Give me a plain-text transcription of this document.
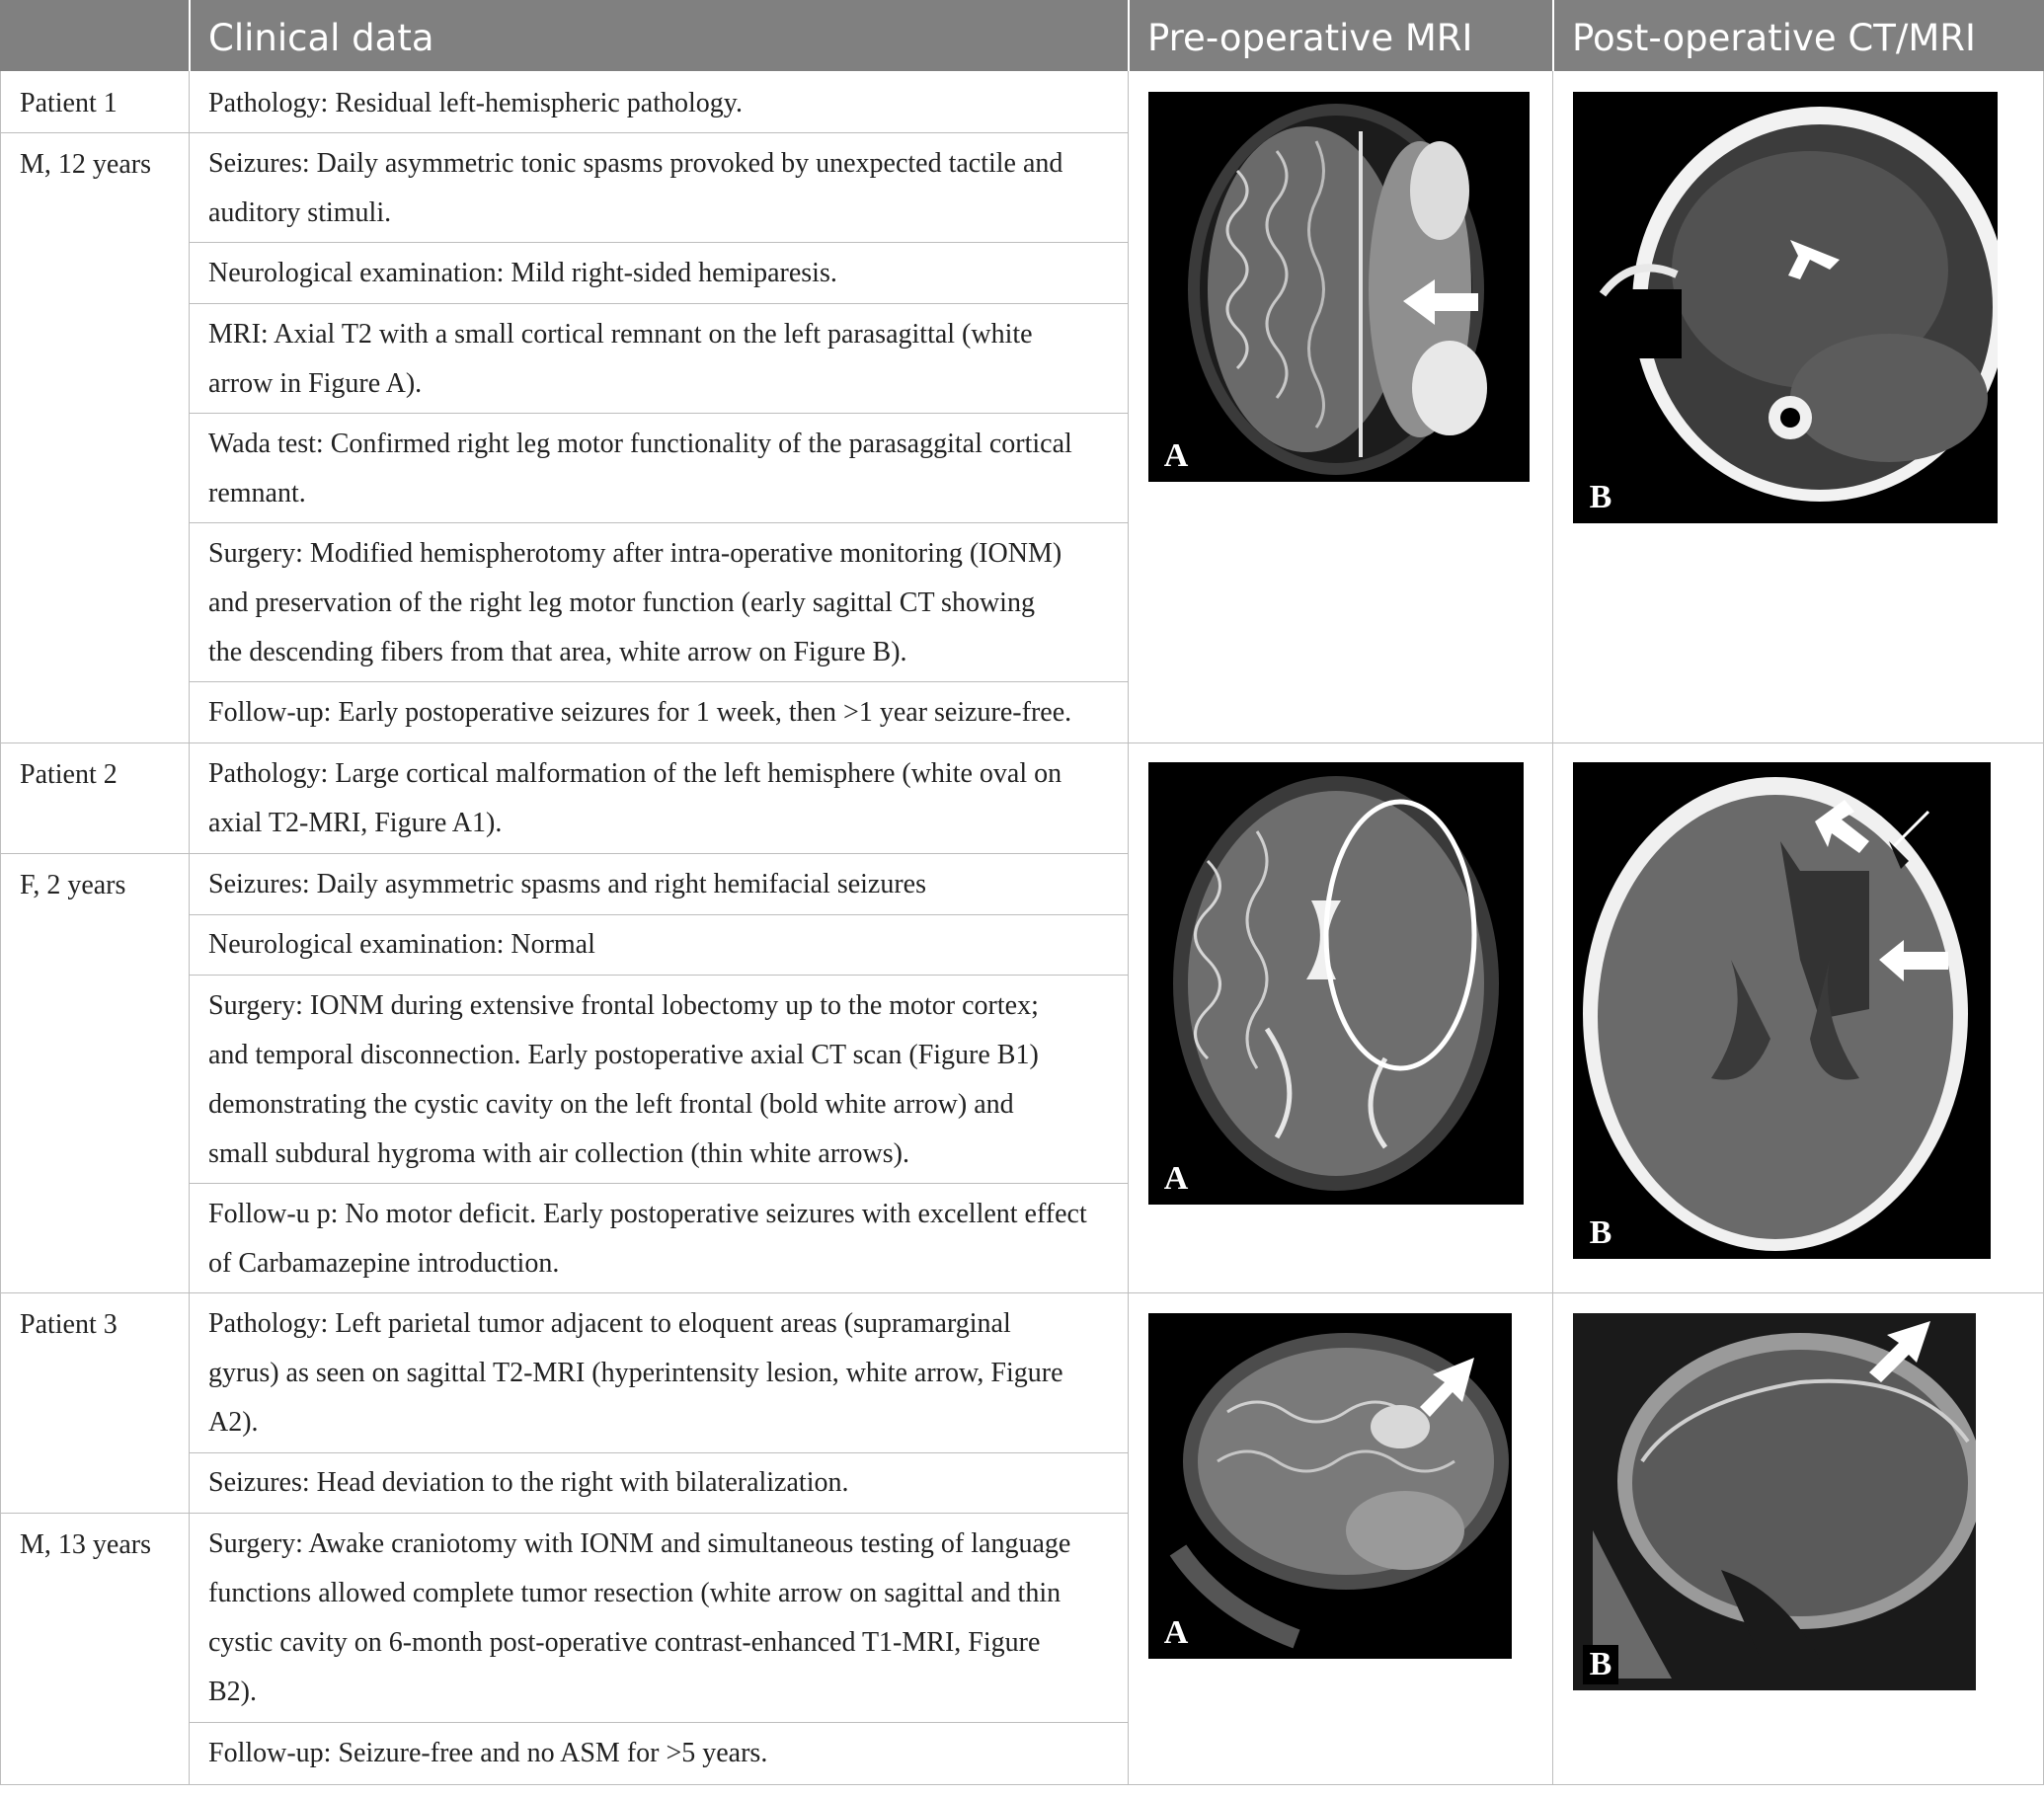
Clinical data	Pre-operative MRI	Post-operative CT/MRI
Patient 1
M, 12 years
Patient 2
F, 2 years
Patient 3
M, 13 years
Pathology: Residual left-hemispheric pathology.
Seizures: Daily asymmetric tonic spasms provoked by unexpected tactile and
auditory stimuli.
Neurological examination: Mild right-sided hemiparesis.
MRI: Axial T2 with a small cortical remnant on the left parasagittal (white
arrow in Figure A).
Wada test: Confirmed right leg motor functionality of the parasaggital cortical
remnant.
Surgery: Modified hemispherotomy after intra-operative monitoring (IONM)
and preservation of the right leg motor function (early sagittal CT showing
the descending fibers from that area, white arrow on Figure B).
Follow-up: Early postoperative seizures for 1 week, then >1 year seizure-free.
Pathology: Large cortical malformation of the left hemisphere (white oval on
axial T2-MRI, Figure A1).
Seizures: Daily asymmetric spasms and right hemifacial seizures
Neurological examination: Normal
Surgery: IONM during extensive frontal lobectomy up to the motor cortex;
and temporal disconnection. Early postoperative axial CT scan (Figure B1)
demonstrating the cystic cavity on the left frontal (bold white arrow) and
small subdural hygroma with air collection (thin white arrows).
Follow-u p: No motor deficit. Early postoperative seizures with excellent effect
of Carbamazepine introduction.
Pathology: Left parietal tumor adjacent to eloquent areas (supramarginal
gyrus) as seen on sagittal T2-MRI (hyperintensity lesion, white arrow, Figure
A2).
Seizures: Head deviation to the right with bilateralization.
Surgery: Awake craniotomy with IONM and simultaneous testing of language
functions allowed complete tumor resection (white arrow on sagittal and thin
cystic cavity on 6-month post-operative contrast-enhanced T1-MRI, Figure
B2).
Follow-up: Seizure-free and no ASM for >5 years.
A
B
A
B
A
B
